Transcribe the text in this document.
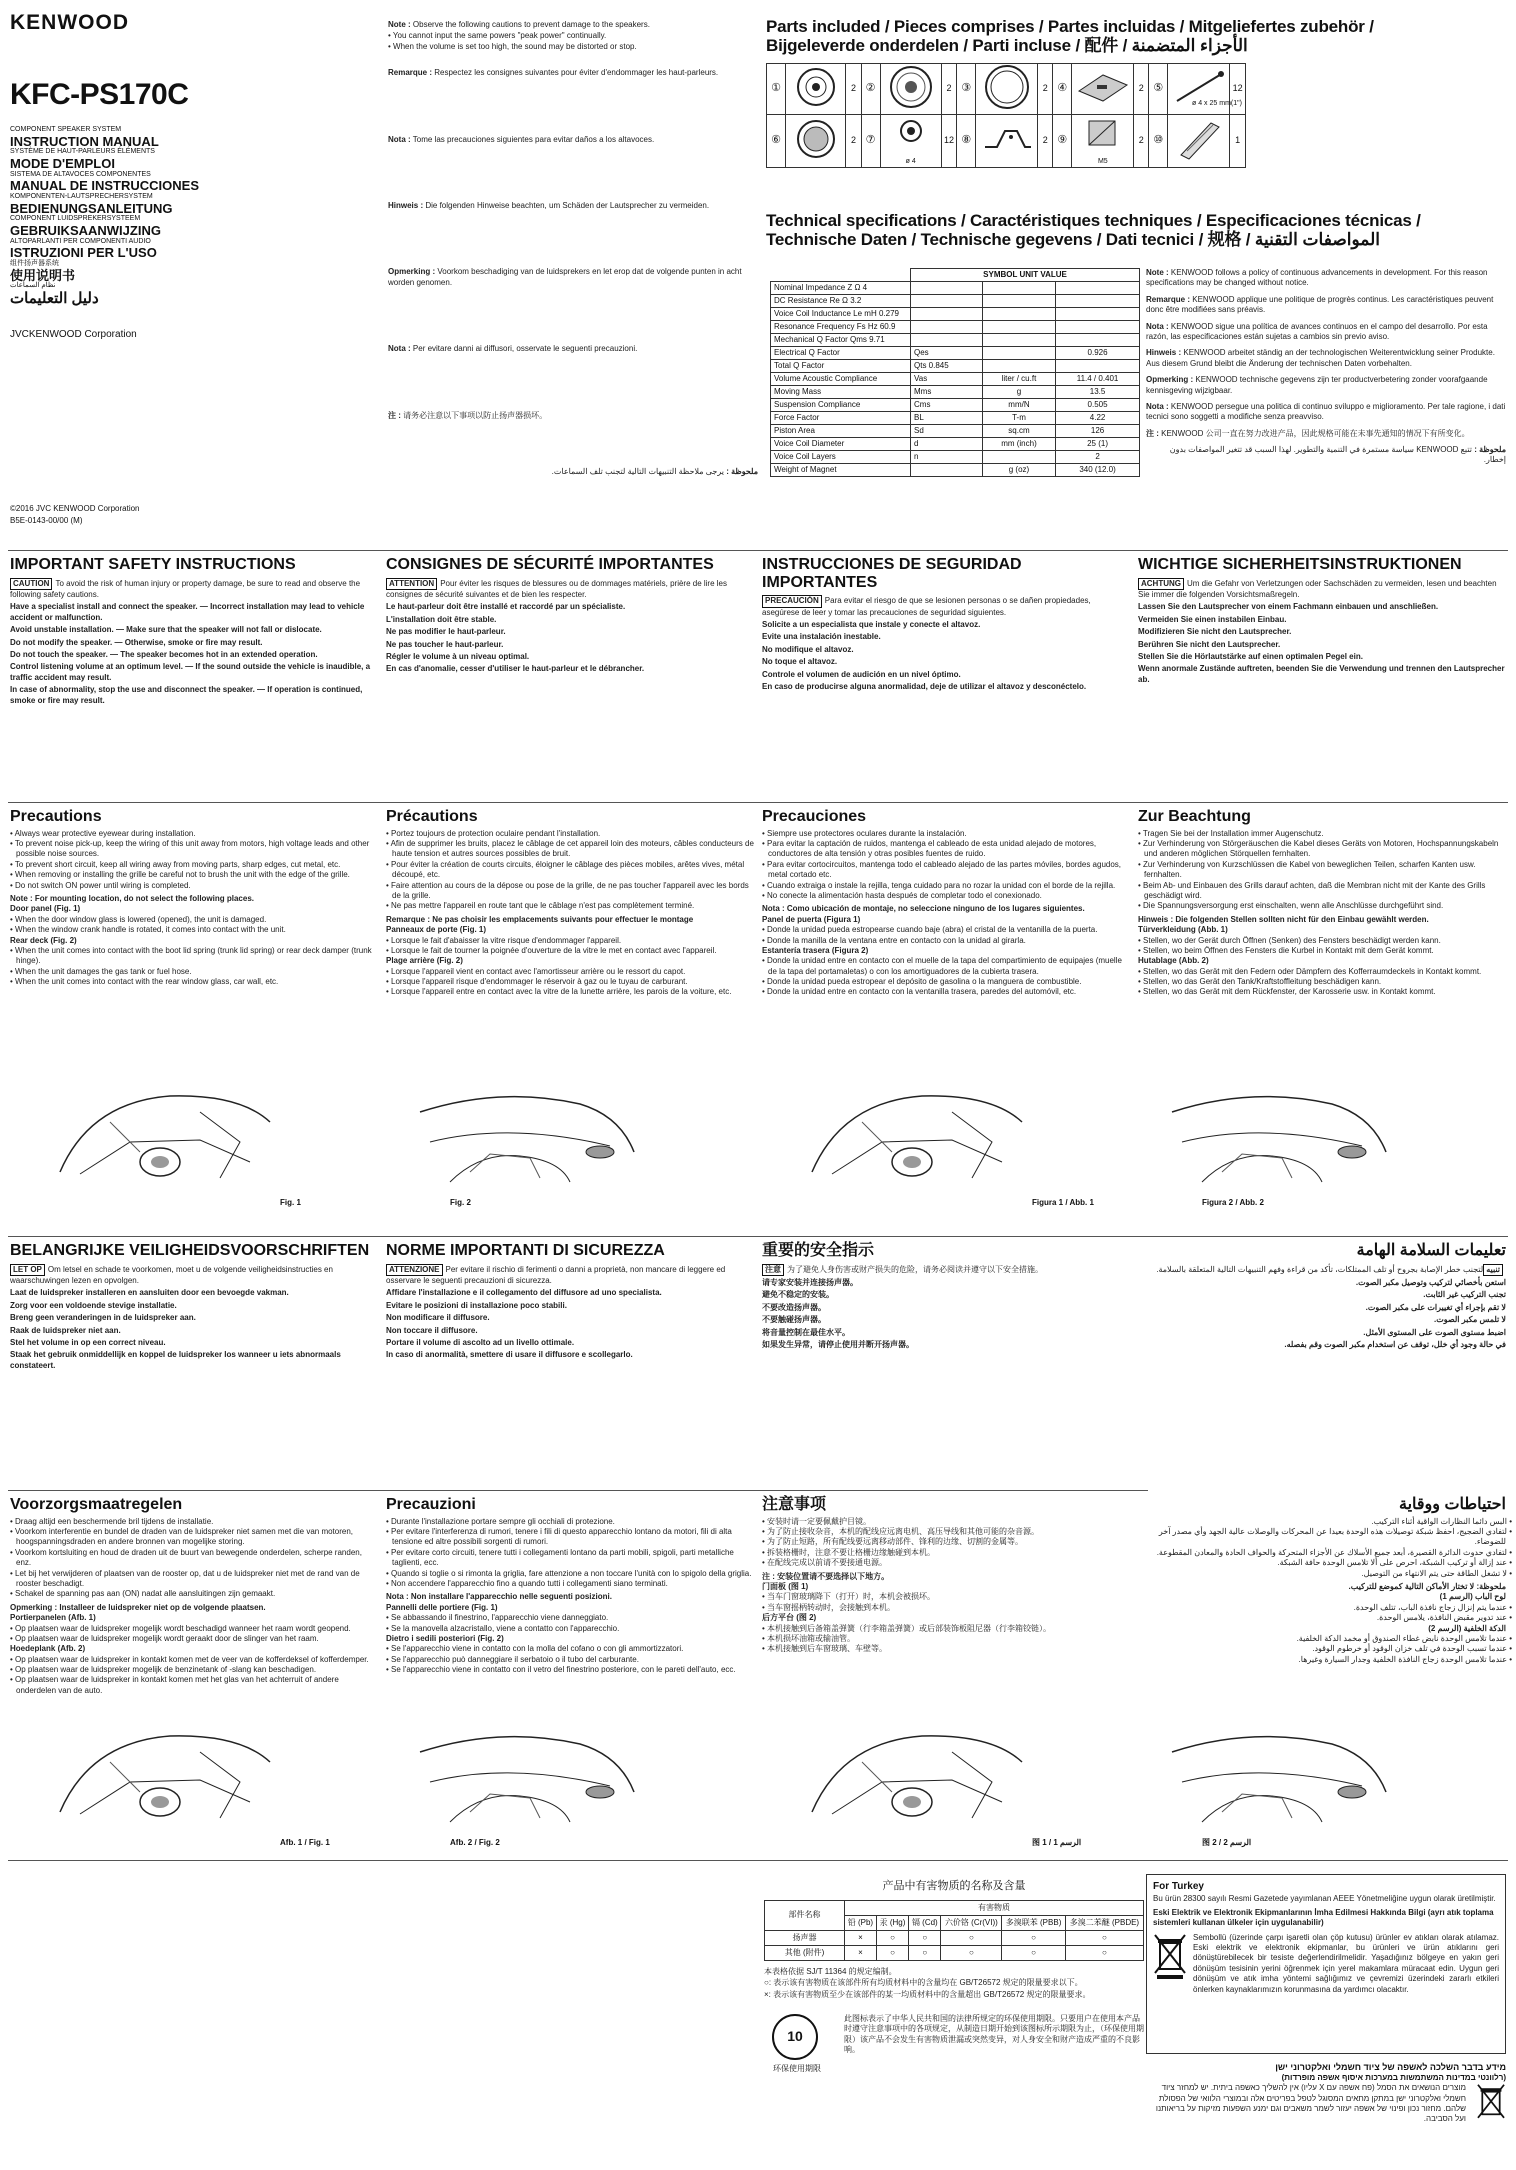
KENWOOD
KFC-PS170C
COMPONENT SPEAKER SYSTEM
INSTRUCTION MANUAL
SYSTÈME DE HAUT-PARLEURS ÉLÉMENTS
MODE D'EMPLOI
SISTEMA DE ALTAVOCES COMPONENTES
MANUAL DE INSTRUCCIONES
KOMPONENTEN-LAUTSPRECHERSYSTEM
BEDIENUNGSANLEITUNG
COMPONENT LUIDSPREKERSYSTEEM
GEBRUIKSAANWIJZING
ALTOPARLANTI PER COMPONENTI AUDIO
ISTRUZIONI PER L'USO
组件扬声器系统
使用说明书
نظام السماعات
دليل التعليمات
JVCKENWOOD Corporation
©2016 JVC KENWOOD Corporation
B5E-0143-00/00 (M)

Note : Observe the following cautions to prevent damage to the speakers.

• You cannot input the same powers "peak power" continually.
• When the volume is set too high, the sound may be distorted or stop.

Remarque : Respectez les consignes suivantes pour éviter d'endommager les haut-parleurs.

Nota : Tome las precauciones siguientes para evitar daños a los altavoces.

Hinweis : Die folgenden Hinweise beachten, um Schäden der Lautsprecher zu vermeiden.

Opmerking : Voorkom beschadiging van de luidsprekers en let erop dat de volgende punten in acht worden genomen.

Nota : Per evitare danni ai diffusori, osservate le seguenti precauzioni.

注 : 请务必注意以下事项以防止扬声器损坏。

ملحوظة : يرجى ملاحظة التنبيهات التالية لتجنب تلف السماعات.

Parts included / Pieces comprises / Partes incluidas / Mitgeliefertes zubehör /
Bijgeleverde onderdelen / Parti incluse / 配件 / الأجزاء المتضمنة
①		2	②		2	③		2	④		2	⑤		12
⑥		2	⑦	ø 4	12	⑧		2	⑨	M5	2	⑩		1
ø 4 x 25 mm(1")
Technical specifications / Caractéristiques techniques / Especificaciones técnicas /
Technische Daten / Technische gegevens / Dati tecnici / 规格 / المواصفات التقنية
	SYMBOL UNIT VALUE		
Nominal Impedance Z Ω 4			
DC Resistance Re Ω 3.2			
Voice Coil Inductance Le mH 0.279			
Resonance Frequency Fs Hz 60.9			
Mechanical Q Factor Qms 9.71			
Electrical Q Factor	Qes		0.926
Total Q Factor	Qts 0.845		
Volume Acoustic Compliance	Vas	liter / cu.ft	11.4 / 0.401
Moving Mass	Mms	g	13.5
Suspension Compliance	Cms	mm/N	0.505
Force Factor	BL	T-m	4.22
Piston Area	Sd	sq.cm	126
Voice Coil Diameter	d	mm (inch)	25 (1)
Voice Coil Layers	n		2
Weight of Magnet		g (oz)	340 (12.0)

Note : KENWOOD follows a policy of continuous advancements in development. For this reason specifications may be changed without notice.

Remarque : KENWOOD applique une politique de progrès continus. Les caractéristiques peuvent donc être modifiées sans préavis.

Nota : KENWOOD sigue una política de avances continuos en el campo del desarrollo. Por esta razón, las especificaciones están sujetas a cambios sin previo aviso.

Hinweis : KENWOOD arbeitet ständig an der technologischen Weiterentwicklung seiner Produkte. Aus diesem Grund bleibt die Änderung der technischen Daten vorbehalten.

Opmerking : KENWOOD technische gegevens zijn ter productverbetering zonder voorafgaande kennisgeving wijzigbaar.

Nota : KENWOOD persegue una politica di continuo sviluppo e miglioramento. Per tale ragione, i dati tecnici sono soggetti a modifiche senza preavviso.

注 : KENWOOD 公司一直在努力改进产品，因此规格可能在未事先通知的情况下有所变化。

ملحوظة : تتبع KENWOOD سياسة مستمرة في التنمية والتطوير. لهذا السبب قد تتغير المواصفات بدون إخطار.

IMPORTANT SAFETY INSTRUCTIONS
CAUTION To avoid the risk of human injury or property damage, be sure to read and observe the following safety cautions.

Have a specialist install and connect the speaker. — Incorrect installation may lead to vehicle accident or malfunction.

Avoid unstable installation. — Make sure that the speaker will not fall or dislocate.

Do not modify the speaker. — Otherwise, smoke or fire may result.

Do not touch the speaker. — The speaker becomes hot in an extended operation.

Control listening volume at an optimum level. — If the sound outside the vehicle is inaudible, a traffic accident may result.

In case of abnormality, stop the use and disconnect the speaker. — If operation is continued, smoke or fire may result.

CONSIGNES DE SÉCURITÉ IMPORTANTES
ATTENTION Pour éviter les risques de blessures ou de dommages matériels, prière de lire les consignes de sécurité suivantes et de bien les respecter.

Le haut-parleur doit être installé et raccordé par un spécialiste.

L'installation doit être stable.

Ne pas modifier le haut-parleur.

Ne pas toucher le haut-parleur.

Régler le volume à un niveau optimal.

En cas d'anomalie, cesser d'utiliser le haut-parleur et le débrancher.

INSTRUCCIONES DE SEGURIDAD IMPORTANTES
PRECAUCIÓN Para evitar el riesgo de que se lesionen personas o se dañen propiedades, asegúrese de leer y tomar las precauciones de seguridad siguientes.

Solicite a un especialista que instale y conecte el altavoz.

Evite una instalación inestable.

No modifique el altavoz.

No toque el altavoz.

Controle el volumen de audición en un nivel óptimo.

En caso de producirse alguna anormalidad, deje de utilizar el altavoz y desconéctelo.

WICHTIGE SICHERHEITSINSTRUKTIONEN
ACHTUNG Um die Gefahr von Verletzungen oder Sachschäden zu vermeiden, lesen und beachten Sie immer die folgenden Vorsichtsmaßregeln.

Lassen Sie den Lautsprecher von einem Fachmann einbauen und anschließen.

Vermeiden Sie einen instabilen Einbau.

Modifizieren Sie nicht den Lautsprecher.

Berühren Sie nicht den Lautsprecher.

Stellen Sie die Hörlautstärke auf einen optimalen Pegel ein.

Wenn anormale Zustände auftreten, beenden Sie die Verwendung und trennen den Lautsprecher ab.

Precautions
• Always wear protective eyewear during installation.
• To prevent noise pick-up, keep the wiring of this unit away from motors, high voltage leads and other possible noise sources.
• To prevent short circuit, keep all wiring away from moving parts, sharp edges, cut metal, etc.
• When removing or installing the grille be careful not to brush the unit with the edge of the grille.
• Do not switch ON power until wiring is completed.

Note : For mounting location, do not select the following places.

Door panel (Fig. 1)

• When the door window glass is lowered (opened), the unit is damaged.
• When the window crank handle is rotated, it comes into contact with the unit.

Rear deck (Fig. 2)

• When the unit comes into contact with the boot lid spring (trunk lid spring) or rear deck damper (trunk hinge).
• When the unit damages the gas tank or fuel hose.
• When the unit comes into contact with the rear window glass, car wall, etc.
Précautions
• Portez toujours de protection oculaire pendant l'installation.
• Afin de supprimer les bruits, placez le câblage de cet appareil loin des moteurs, câbles conducteurs de haute tension et autres sources possibles de bruit.
• Pour éviter la création de courts circuits, éloigner le câblage des pièces mobiles, arêtes vives, métal découpé, etc.
• Faire attention au cours de la dépose ou pose de la grille, de ne pas toucher l'appareil avec les bords de la grille.
• Ne pas mettre l'appareil en route tant que le câblage n'est pas complètement terminé.

Remarque : Ne pas choisir les emplacements suivants pour effectuer le montage

Panneaux de porte (Fig. 1)

• Lorsque le fait d'abaisser la vitre risque d'endommager l'appareil.
• Lorsque le fait de tourner la poignée d'ouverture de la vitre le met en contact avec l'appareil.

Plage arrière (Fig. 2)

• Lorsque l'appareil vient en contact avec l'amortisseur arrière ou le ressort du capot.
• Lorsque l'appareil risque d'endommager le réservoir à gaz ou le tuyau de carburant.
• Lorsque l'appareil entre en contact avec la vitre de la lunette arrière, les parois de la voiture, etc.
Precauciones
• Siempre use protectores oculares durante la instalación.
• Para evitar la captación de ruidos, mantenga el cableado de esta unidad alejado de motores, conductores de alta tensión y otras posibles fuentes de ruido.
• Para evitar cortocircuitos, mantenga todo el cableado alejado de las partes móviles, bordes agudos, metal cortado etc.
• Cuando extraiga o instale la rejilla, tenga cuidado para no rozar la unidad con el borde de la rejilla.
• No conecte la alimentación hasta después de completar todo el conexionado.

Nota : Como ubicación de montaje, no seleccione ninguno de los lugares siguientes.

Panel de puerta (Figura 1)

• Donde la unidad pueda estropearse cuando baje (abra) el cristal de la ventanilla de la puerta.
• Donde la manilla de la ventana entre en contacto con la unidad al girarla.

Estantería trasera (Figura 2)

• Donde la unidad entre en contacto con el muelle de la tapa del compartimiento de equipajes (muelle de la tapa del portamaletas) o con los amortiguadores de la cubierta trasera.
• Donde la unidad pueda estropear el depósito de gasolina o la manguera de combustible.
• Donde la unidad entre en contacto con la ventanilla trasera, paredes del automóvil, etc.
Zur Beachtung
• Tragen Sie bei der Installation immer Augenschutz.
• Zur Verhinderung von Störgeräuschen die Kabel dieses Geräts von Motoren, Hochspannungskabeln und anderen möglichen Störquellen fernhalten.
• Zur Verhinderung von Kurzschlüssen die Kabel von beweglichen Teilen, scharfen Kanten usw. fernhalten.
• Beim Ab- und Einbauen des Grills darauf achten, daß die Membran nicht mit der Kante des Grills geschädigt wird.
• Die Spannungsversorgung erst einschalten, wenn alle Anschlüsse durchgeführt sind.

Hinweis : Die folgenden Stellen sollten nicht für den Einbau gewählt werden.

Türverkleidung (Abb. 1)

• Stellen, wo der Gerät durch Öffnen (Senken) des Fensters beschädigt werden kann.
• Stellen, wo beim Öffnen des Fensters die Kurbel in Kontakt mit dem Gerät kommt.

Hutablage (Abb. 2)

• Stellen, wo das Gerät mit den Federn oder Dämpfern des Kofferraumdeckels in Kontakt kommt.
• Stellen, wo das Gerät den Tank/Kraftstoffleitung beschädigen kann.
• Stellen, wo das Gerät mit dem Rückfenster, der Karosserie usw. in Kontakt kommt.
Fig. 1	Fig. 2	Figura 1 / Abb. 1	Figura 2 / Abb. 2
BELANGRIJKE VEILIGHEIDSVOORSCHRIFTEN
LET OP Om letsel en schade te voorkomen, moet u de volgende veiligheidsinstructies en waarschuwingen lezen en opvolgen.

Laat de luidspreker installeren en aansluiten door een bevoegde vakman.

Zorg voor een voldoende stevige installatie.

Breng geen veranderingen in de luidspreker aan.

Raak de luidspreker niet aan.

Stel het volume in op een correct niveau.

Staak het gebruik onmiddellijk en koppel de luidspreker los wanneer u iets abnormaals constateert.

NORME IMPORTANTI DI SICUREZZA
ATTENZIONE Per evitare il rischio di ferimenti o danni a proprietà, non mancare di leggere ed osservare le seguenti precauzioni di sicurezza.

Affidare l'installazione e il collegamento del diffusore ad uno specialista.

Evitare le posizioni di installazione poco stabili.

Non modificare il diffusore.

Non toccare il diffusore.

Portare il volume di ascolto ad un livello ottimale.

In caso di anormalità, smettere di usare il diffusore e scollegarlo.

重要的安全指示
注意 为了避免人身伤害或财产损失的危险，请务必阅读并遵守以下安全措施。

请专家安装并连接扬声器。

避免不稳定的安装。

不要改造扬声器。

不要触碰扬声器。

将音量控制在最佳水平。

如果发生异常，请停止使用并断开扬声器。

تعليمات السلامة الهامة
تنبيهلتجنب خطر الإصابة بجروح أو تلف الممتلكات، تأكد من قراءة وفهم التنبيهات التالية المتعلقة بالسلامة.

استعن بأخصائي لتركيب وتوصيل مكبر الصوت.

تجنب التركيب غير الثابت.

لا تقم بإجراء أي تغييرات على مكبر الصوت.

لا تلمس مكبر الصوت.

اضبط مستوى الصوت على المستوى الأمثل.

في حالة وجود أي خلل، توقف عن استخدام مكبر الصوت وقم بفصله.

Voorzorgsmaatregelen
• Draag altijd een beschermende bril tijdens de installatie.
• Voorkom interferentie en bundel de draden van de luidspreker niet samen met die van motoren, hoogspanningsdraden en andere bronnen van mogelijke storing.
• Voorkom kortsluiting en houd de draden uit de buurt van bewegende onderdelen, scherpe randen, enz.
• Let bij het verwijderen of plaatsen van de rooster op, dat u de luidspreker niet met de rand van de rooster beschadigt.
• Schakel de spanning pas aan (ON) nadat alle aansluitingen zijn gemaakt.

Opmerking : Installeer de luidspreker niet op de volgende plaatsen.

Portierpanelen (Afb. 1)

• Op plaatsen waar de luidspreker mogelijk wordt beschadigd wanneer het raam wordt geopend.
• Op plaatsen waar de luidspreker mogelijk wordt geraakt door de slinger van het raam.

Hoedeplank (Afb. 2)

• Op plaatsen waar de luidspreker in kontakt komen met de veer van de kofferdeksel of kofferdemper.
• Op plaatsen waar de luidspreker mogelijk de benzinetank of -slang kan beschadigen.
• Op plaatsen waar de luidspreker in kontakt komen met het glas van het achterruit of andere onderdelen van de auto.
Precauzioni
• Durante l'installazione portare sempre gli occhiali di protezione.
• Per evitare l'interferenza di rumori, tenere i fili di questo apparecchio lontano da motori, fili di alta tensione ed altre possibili sorgenti di rumori.
• Per evitare corto circuiti, tenere tutti i collegamenti lontano da parti mobili, spigoli, parti metalliche taglienti, ecc.
• Quando si toglie o si rimonta la griglia, fare attenzione a non toccare l'unità con lo spigolo della griglia.
• Non accendere l'apparecchio fino a quando tutti i collegamenti siano terminati.

Nota : Non installare l'apparecchio nelle seguenti posizioni.

Pannelli delle portiere (Fig. 1)

• Se abbassando il finestrino, l'apparecchio viene danneggiato.
• Se la manovella alzacristallo, viene a contatto con l'apparecchio.

Dietro i sedili posteriori (Fig. 2)

• Se l'apparecchio viene in contatto con la molla del cofano o con gli ammortizzatori.
• Se l'apparecchio può danneggiare il serbatoio o il tubo del carburante.
• Se l'apparecchio viene in contatto con il vetro del finestrino posteriore, con le pareti dell'auto, ecc.
注意事项
• 安装时请一定要佩戴护目镜。
• 为了防止接收杂音，本机的配线应远离电机、高压导线和其他可能的杂音源。
• 为了防止短路，所有配线要远离移动部件、锋利的边缘、切割的金属等。
• 拆装格栅时，注意不要让格栅边缘触碰到本机。
• 在配线完成以前请不要接通电源。

注 : 安装位置请不要选择以下地方。

门面板 (图 1)

• 当车门窗玻璃降下（打开）时，本机会被损坏。
• 当车窗摇柄转动时，会接触到本机。

后方平台 (图 2)

• 本机接触到后备箱盖弹簧（行李箱盖弹簧）或后部装饰板阻尼器（行李箱铰链）。
• 本机损坏油箱或输油管。
• 本机接触到后车窗玻璃、车壁等。
احتياطات ووقاية
• البس دائما النظارات الواقية أثناء التركيب.
• لتفادي الضجيج، احفظ شبكة توصيلات هذه الوحدة بعيدا عن المحركات والوصلات عالية الجهد وأي مصدر آخر للضوضاء.
• لتفادي حدوث الدائرة القصيرة، أبعد جميع الأسلاك عن الأجزاء المتحركة والحواف الحادة والمعادن المقطوعة.
• عند إزالة أو تركيب الشبكة، احرص على ألا تلامس الوحدة حافة الشبكة.
• لا تشغل الطاقة حتى يتم الانتهاء من التوصيل.

ملحوظة: لا تختار الأماكن التالية كموضع للتركيب.

لوح الباب (الرسم 1)

• عندما يتم إنزال زجاج نافذة الباب، تتلف الوحدة.
• عند تدوير مقبض النافذة، يلامس الوحدة.

الدكة الخلفية (الرسم 2)

• عندما تلامس الوحدة نابض غطاء الصندوق أو مخمد الدكة الخلفية.
• عندما تسبب الوحدة في تلف خزان الوقود أو خرطوم الوقود.
• عندما تلامس الوحدة زجاج النافذة الخلفية وجدار السيارة وغيرها.
Afb. 1 / Fig. 1	Afb. 2 / Fig. 2	图 1 / الرسم 1	图 2 / الرسم 2
产品中有害物质的名称及含量
部件名称	有害物质					
	铅 (Pb)	汞 (Hg)	镉 (Cd)	六价铬 (Cr(VI))	多溴联苯 (PBB)	多溴二苯醚 (PBDE)
扬声器	×	○	○	○	○	○
其他 (附件)	×	○	○	○	○	○

本表格依据 SJ/T 11364 的规定编制。

○: 表示该有害物质在该部件所有均质材料中的含量均在 GB/T26572 规定的限量要求以下。

×: 表示该有害物质至少在该部件的某一均质材料中的含量超出 GB/T26572 规定的限量要求。

10
环保使用期限
此图标表示了中华人民共和国的法律所规定的环保使用期限。只要用户在使用本产品时遵守注意事项中的各项规定，从制造日期开始到该图标所示期限为止，（环保使用期限）该产品不会发生有害物质泄漏或突然变异，对人身安全和财产造成严重的不良影响。
For Turkey
Bu ürün 28300 sayılı Resmi Gazetede yayımlanan AEEE Yönetmeliğine uygun olarak üretilmiştir.
Eski Elektrik ve Elektronik Ekipmanlarının İmha Edilmesi Hakkında Bilgi (ayrı atık toplama sistemleri kullanan ülkeler için uygulanabilir)
Sembollü (üzerinde çarpı işaretli olan çöp kutusu) ürünler ev atıkları olarak atılamaz. Eski elektrik ve elektronik ekipmanlar, bu ürünleri ve ürün atıklarını geri dönüştürebilecek bir tesiste değerlendirilmelidir. Yaşadığınız bölgeye en yakın geri dönüşüm tesisinin yerini öğrenmek için yerel makamlara müracaat edin. Uygun geri dönüşüm ve atık imha yöntemi sağlığımız ve çevremizi üzerindeki zararlı etkileri önlerken kaynaklarımızın korunmasına da yardımcı olacaktır.
מידע בדבר השלכה לאשפה של ציוד חשמלי ואלקטרוני ישן
(רלוונטי במדינות המשתמשות במערכות איסוף אשפה מופרדות)
מוצרים הנושאים את הסמל (פח אשפה עם X עליו) אין להשליך כאשפה ביתית. יש למחזר ציוד חשמלי ואלקטרוני ישן במתקן מתאים המסוגל לטפל בפריטים אלה ובמוצרי הלוואי של הפסולת שלהם. מחזור נכון ופינוי של אשפה יעזור לשמר משאבים וגם ימנע השפעות מזיקות על בריאותנו ועל הסביבה.
